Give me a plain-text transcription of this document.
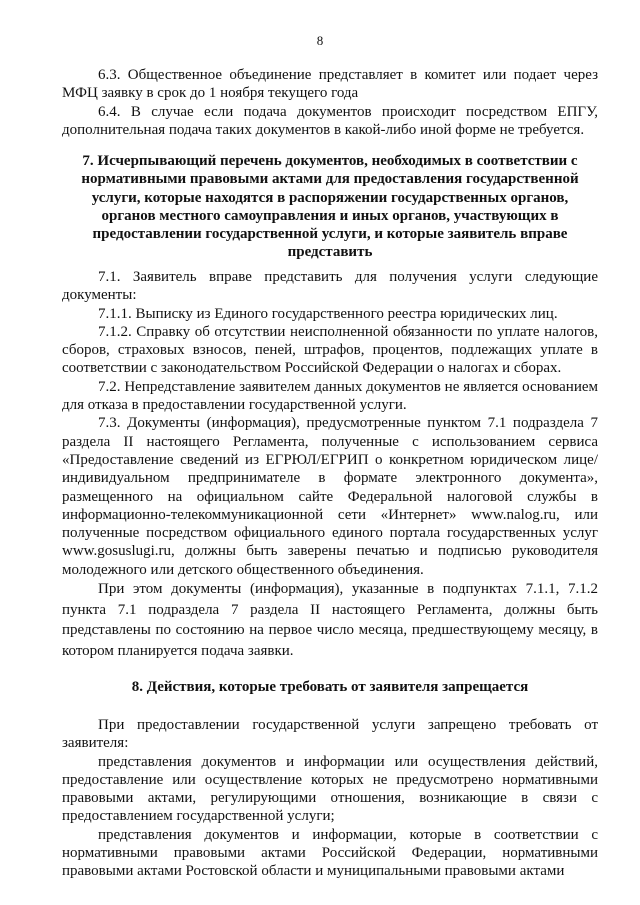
8

6.3. Общественное объединение представляет в комитет или подает через МФЦ заявку в срок до 1 ноября текущего года

6.4. В случае если подача документов происходит посредством ЕПГУ, дополнительная подача таких документов в какой-либо иной форме не требуется.

7. Исчерпывающий перечень документов, необходимых в соответствии с нормативными правовыми актами для предоставления государственной услуги, которые находятся в распоряжении государственных органов, органов местного самоуправления и иных органов, участвующих в предоставлении государственной услуги, и которые заявитель вправе представить

7.1. Заявитель вправе представить для получения услуги следующие документы:

7.1.1. Выписку из Единого государственного реестра юридических лиц.

7.1.2. Справку об отсутствии неисполненной обязанности по уплате налогов, сборов, страховых взносов, пеней, штрафов, процентов, подлежащих уплате в соответствии с законодательством Российской Федерации о налогах и сборах.

7.2. Непредставление заявителем данных документов не является основанием для отказа в предоставлении государственной услуги.

7.3. Документы (информация), предусмотренные пунктом 7.1 подраздела 7 раздела II настоящего Регламента, полученные с использованием сервиса «Предоставление сведений из ЕГРЮЛ/ЕГРИП о конкретном юридическом лице/индивидуальном предпринимателе в формате электронного документа», размещенного на официальном сайте Федеральной налоговой службы в информационно-телекоммуникационной сети «Интернет» www.nalog.ru, или полученные посредством официального единого портала государственных услуг www.gosuslugi.ru, должны быть заверены печатью и подписью руководителя молодежного или детского общественного объединения.

При этом документы (информация), указанные в подпунктах 7.1.1, 7.1.2 пункта 7.1 подраздела 7 раздела II настоящего Регламента, должны быть представлены по состоянию на первое число месяца, предшествующему месяцу, в котором планируется подача заявки.

8. Действия, которые требовать от заявителя запрещается

При предоставлении государственной услуги запрещено требовать от заявителя:

представления документов и информации или осуществления действий, предоставление или осуществление которых не предусмотрено нормативными правовыми актами, регулирующими отношения, возникающие в связи с предоставлением государственной услуги;

представления документов и информации, которые в соответствии с нормативными правовыми актами Российской Федерации, нормативными правовыми актами Ростовской области и муниципальными правовыми актами
